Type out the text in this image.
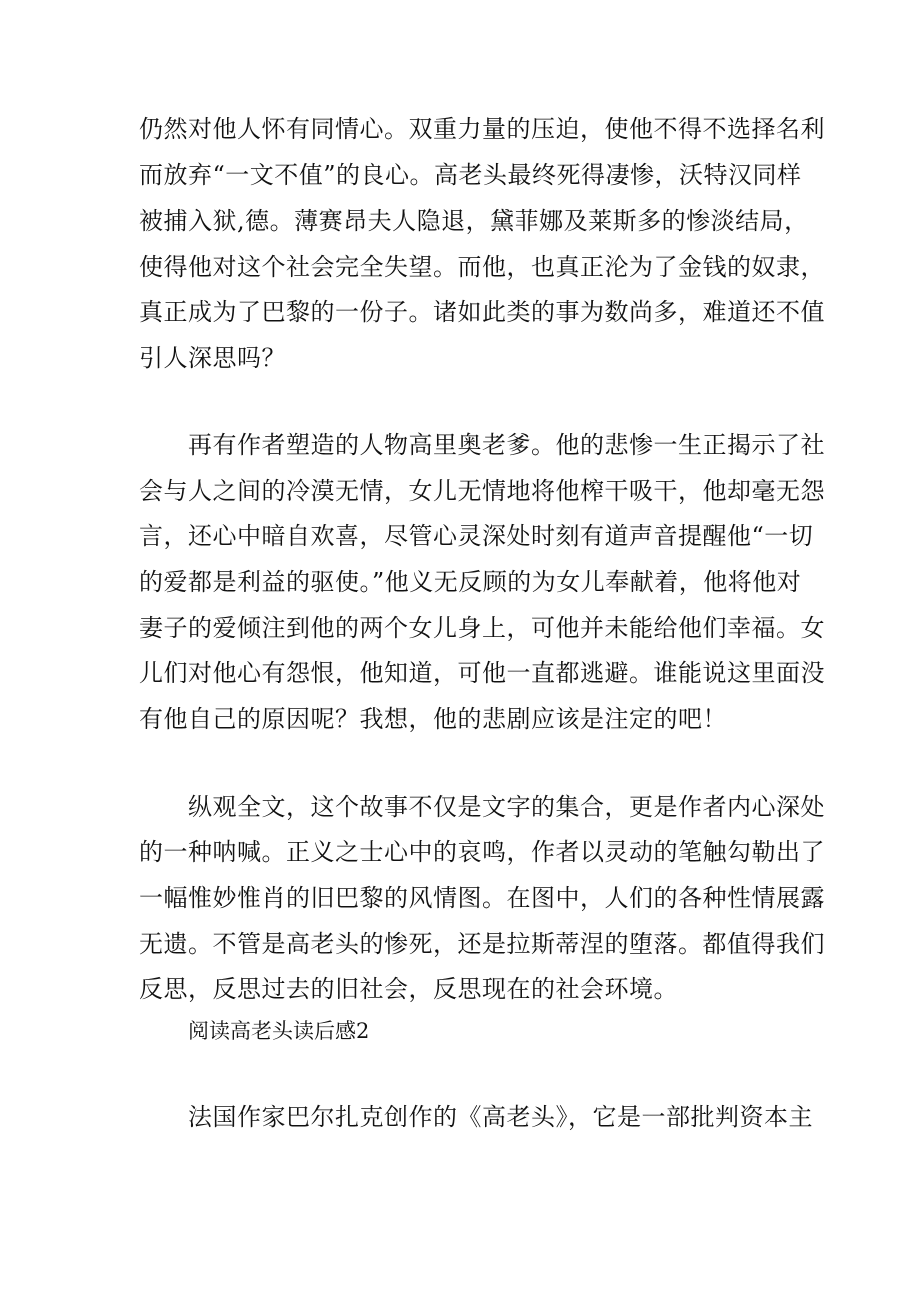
仍然对他人怀有同情心。双重力量的压迫，使他不得不选择名利
而放弃“一文不值”的良心。高老头最终死得凄惨，沃特汉同样
被捕入狱,德。薄赛昂夫人隐退，黛菲娜及莱斯多的惨淡结局，
使得他对这个社会完全失望。而他，也真正沦为了金钱的奴隶，
真正成为了巴黎的一份子。诸如此类的事为数尚多，难道还不值
引人深思吗？
再有作者塑造的人物高里奥老爹。他的悲惨一生正揭示了社
会与人之间的冷漠无情，女儿无情地将他榨干吸干，他却毫无怨
言，还心中暗自欢喜，尽管心灵深处时刻有道声音提醒他“一切
的爱都是利益的驱使。”他义无反顾的为女儿奉献着，他将他对
妻子的爱倾注到他的两个女儿身上，可他并未能给他们幸福。女
儿们对他心有怨恨，他知道，可他一直都逃避。谁能说这里面没
有他自己的原因呢？我想，他的悲剧应该是注定的吧！
纵观全文，这个故事不仅是文字的集合，更是作者内心深处
的一种呐喊。正义之士心中的哀鸣，作者以灵动的笔触勾勒出了
一幅惟妙惟肖的旧巴黎的风情图。在图中，人们的各种性情展露
无遗。不管是高老头的惨死，还是拉斯蒂涅的堕落。都值得我们
反思，反思过去的旧社会，反思现在的社会环境。
阅读高老头读后感2
法国作家巴尔扎克创作的《高老头》，它是一部批判资本主
